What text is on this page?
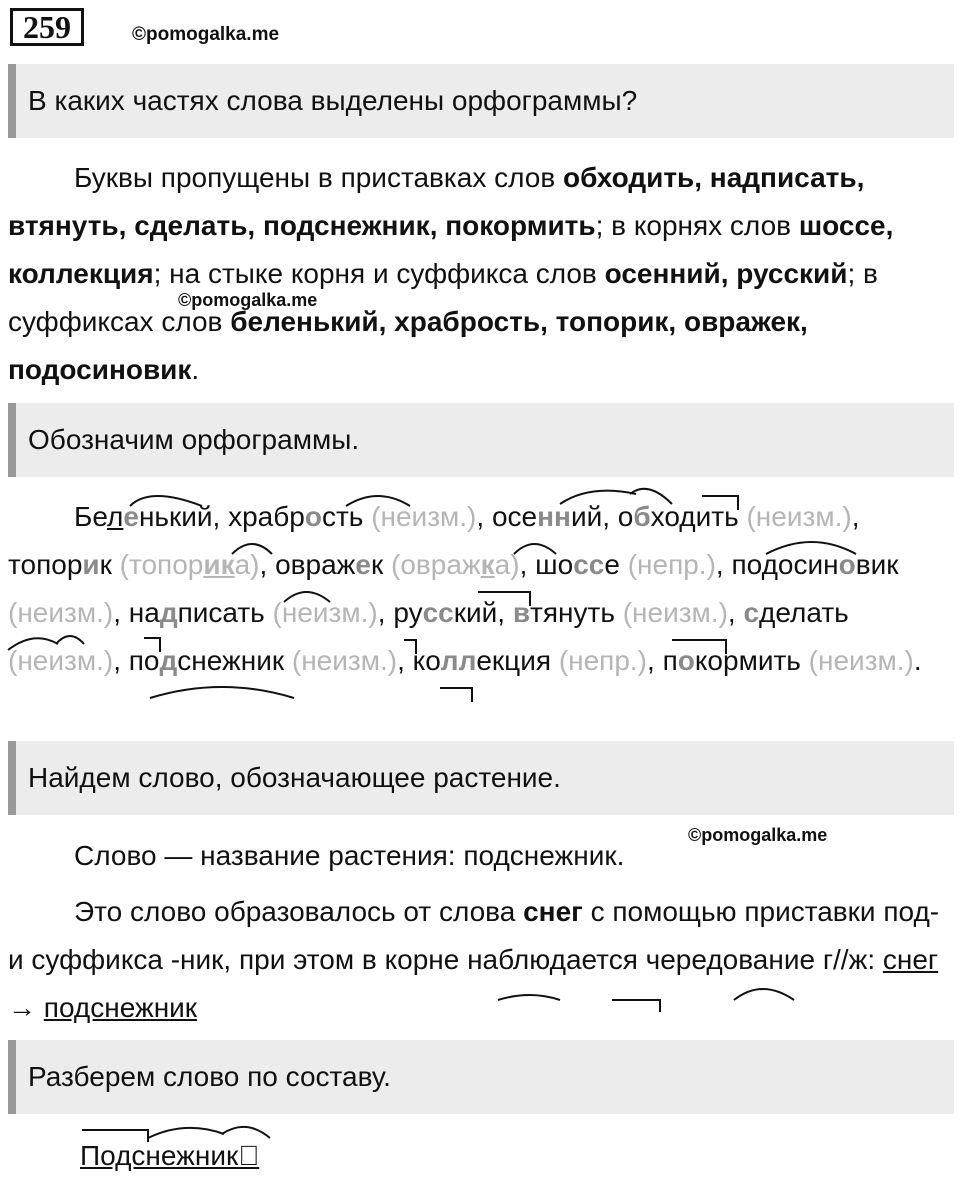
259	©pomogalka.me
В каких частях слова выделены орфограммы?
Буквы пропущены в приставках слов обходить, надписать, втянуть, сделать, подснежник, покормить; в корнях слов шоссе, коллекция; на стыке корня и суффикса слов осенний, русский; в суффиксах слов беленький, храбрость, топорик, овражек, подосиновик.
©pomogalka.me
Обозначим орфограммы.
Беленький, храбрость (неизм.), осенний, обходить (неизм.), топорик (топорика), овражек (овражка), шоссе (непр.), подосиновик (неизм.), надписать (неизм.), русский, втянуть (неизм.), сделать (неизм.), подснежник (неизм.), коллекция (непр.), покормить (неизм.).
Найдем слово, обозначающее растение.
Слово — название растения: подснежник.
©pomogalka.me
Это слово образовалось от слова снег с помощью приставки под- и суффикса -ник, при этом в корне наблюдается чередование г//ж: снег → подснежник
Разберем слово по составу.
Подснежник
